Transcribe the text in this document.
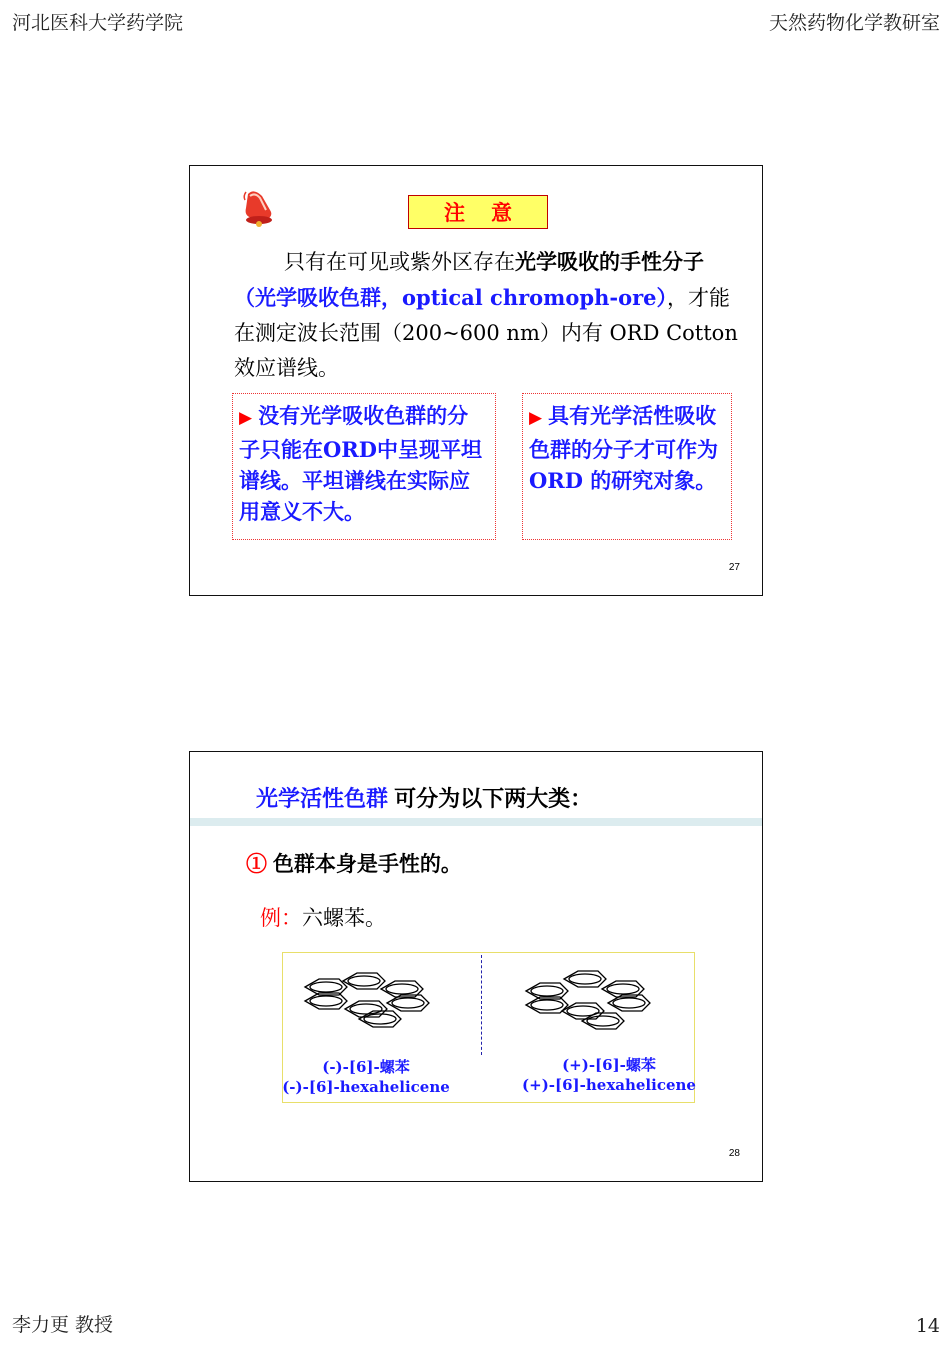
河北医科大学药学院	天然药物化学教研室
注意
只有在可见或紫外区存在光学吸收的手性分子（光学吸收色群，optical chromoph-ore），才能在测定波长范围（200~600 nm）内有 ORD Cotton 效应谱线。
▶ 没有光学吸收色群的分子只能在ORD中呈现平坦谱线。平坦谱线在实际应用意义不大。
▶ 具有光学活性吸收色群的分子才可作为 ORD 的研究对象。
27
光学活性色群 可分为以下两大类：
① 色群本身是手性的。
例：六螺苯。
(-)-[6]-螺苯
(-)-[6]-hexahelicene
(+)-[6]-螺苯
(+)-[6]-hexahelicene
28
李力更 教授	14
